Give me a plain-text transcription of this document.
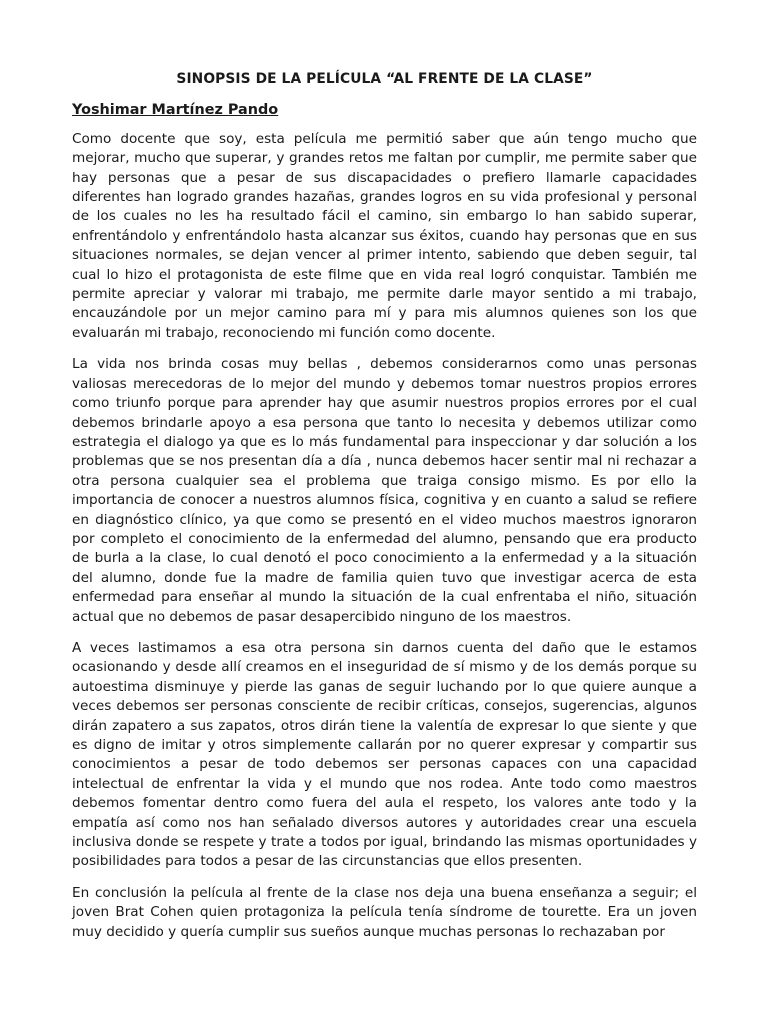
SINOPSIS DE LA PELÍCULA “AL FRENTE DE LA CLASE”
Yoshimar Martínez Pando

Como docente que soy, esta película me permitió saber que aún tengo mucho que mejorar, mucho que superar, y grandes retos me faltan por cumplir, me permite saber que hay personas que a pesar de sus discapacidades o prefiero llamarle capacidades diferentes han logrado grandes hazañas, grandes logros en su vida profesional y personal de los cuales no les ha resultado fácil el camino, sin embargo lo han sabido superar, enfrentándolo y enfrentándolo hasta alcanzar sus éxitos, cuando hay personas que en sus situaciones normales, se dejan vencer al primer intento, sabiendo que deben seguir, tal cual lo hizo el protagonista de este filme que en vida real logró conquistar. También me permite apreciar y valorar mi trabajo, me permite darle mayor sentido a mi trabajo, encauzándole por un mejor camino para mí y para mis alumnos quienes son los que evaluarán mi trabajo, reconociendo mi función como docente.

La vida nos brinda cosas muy bellas , debemos considerarnos como unas personas valiosas merecedoras de lo mejor del mundo y debemos tomar nuestros propios errores como triunfo porque para aprender hay que asumir nuestros propios errores por el cual debemos brindarle apoyo a esa persona que tanto lo necesita y debemos utilizar como estrategia el dialogo ya que es lo más fundamental para inspeccionar y dar solución a los problemas que se nos presentan día a día , nunca debemos hacer sentir mal ni rechazar a otra persona cualquier sea el problema que traiga consigo mismo. Es por ello la importancia de conocer a nuestros alumnos física, cognitiva y en cuanto a salud se refiere en diagnóstico clínico, ya que como se presentó en el video muchos maestros ignoraron por completo el conocimiento de la enfermedad del alumno, pensando que era producto de burla a la clase, lo cual denotó el poco conocimiento a la enfermedad y a la situación del alumno, donde fue la madre de familia quien tuvo que investigar acerca de esta enfermedad para enseñar al mundo la situación de la cual enfrentaba el niño, situación actual que no debemos de pasar desapercibido ninguno de los maestros.

A veces lastimamos a esa otra persona sin darnos cuenta del daño que le estamos ocasionando y desde allí creamos en el inseguridad de sí mismo y de los demás porque su autoestima disminuye y pierde las ganas de seguir luchando por lo que quiere aunque a veces debemos ser personas consciente de recibir críticas, consejos, sugerencias, algunos dirán zapatero a sus zapatos, otros dirán tiene la valentía de expresar lo que siente y que es digno de imitar y otros simplemente callarán por no querer expresar y compartir sus conocimientos a pesar de todo debemos ser personas capaces con una capacidad intelectual de enfrentar la vida y el mundo que nos rodea. Ante todo como maestros debemos fomentar dentro como fuera del aula el respeto, los valores ante todo y la empatía así como nos han señalado diversos autores y autoridades crear una escuela inclusiva donde se respete y trate a todos por igual, brindando las mismas oportunidades y posibilidades para todos a pesar de las circunstancias que ellos presenten.

En conclusión la película al frente de la clase nos deja una buena enseñanza a seguir; el joven Brat Cohen quien protagoniza la película tenía síndrome de tourette. Era un joven muy decidido y quería cumplir sus sueños aunque muchas personas lo rechazaban por
